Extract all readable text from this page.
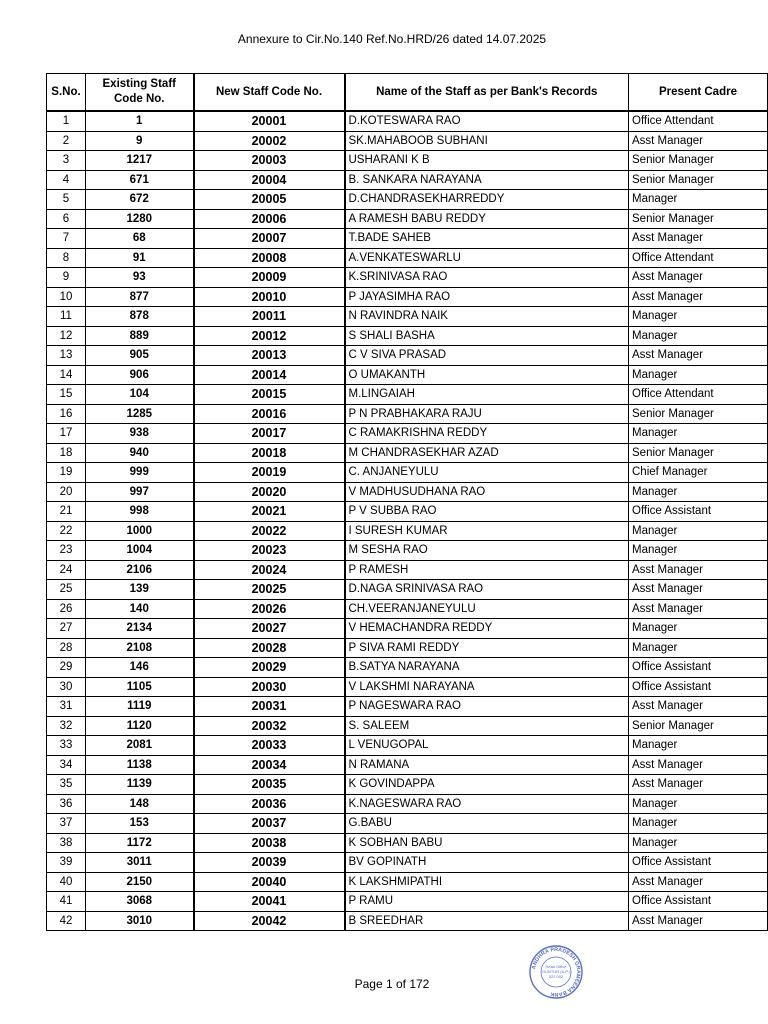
Annexure to Cir.No.140 Ref.No.HRD/26 dated 14.07.2025
S.No.	Existing Staff Code No.	New Staff Code No.	Name of the Staff as per Bank's Records	Present Cadre
1	1	20001	D.KOTESWARA RAO	Office Attendant
2	9	20002	SK.MAHABOOB SUBHANI	Asst Manager
3	1217	20003	USHARANI K B	Senior Manager
4	671	20004	B. SANKARA NARAYANA	Senior Manager
5	672	20005	D.CHANDRASEKHARREDDY	Manager
6	1280	20006	A RAMESH BABU REDDY	Senior Manager
7	68	20007	T.BADE SAHEB	Asst Manager
8	91	20008	A.VENKATESWARLU	Office Attendant
9	93	20009	K.SRINIVASA RAO	Asst Manager
10	877	20010	P JAYASIMHA RAO	Asst Manager
11	878	20011	N RAVINDRA NAIK	Manager
12	889	20012	S SHALI BASHA	Manager
13	905	20013	C V SIVA PRASAD	Asst Manager
14	906	20014	O UMAKANTH	Manager
15	104	20015	M.LINGAIAH	Office Attendant
16	1285	20016	P N PRABHAKARA RAJU	Senior Manager
17	938	20017	C RAMAKRISHNA REDDY	Manager
18	940	20018	M CHANDRASEKHAR AZAD	Senior Manager
19	999	20019	C. ANJANEYULU	Chief Manager
20	997	20020	V MADHUSUDHANA RAO	Manager
21	998	20021	P V SUBBA RAO	Office Assistant
22	1000	20022	I SURESH KUMAR	Manager
23	1004	20023	M SESHA RAO	Manager
24	2106	20024	P RAMESH	Asst Manager
25	139	20025	D.NAGA SRINIVASA RAO	Asst Manager
26	140	20026	CH.VEERANJANEYULU	Asst Manager
27	2134	20027	V HEMACHANDRA REDDY	Manager
28	2108	20028	P SIVA RAMI REDDY	Manager
29	146	20029	B.SATYA NARAYANA	Office Assistant
30	1105	20030	V LAKSHMI NARAYANA	Office Assistant
31	1119	20031	P NAGESWARA RAO	Asst Manager
32	1120	20032	S. SALEEM	Senior Manager
33	2081	20033	L VENUGOPAL	Manager
34	1138	20034	N RAMANA	Asst Manager
35	1139	20035	K GOVINDAPPA	Asst Manager
36	148	20036	K.NAGESWARA RAO	Manager
37	153	20037	G.BABU	Manager
38	1172	20038	K SOBHAN BABU	Manager
39	3011	20039	BV GOPINATH	Office Assistant
40	2150	20040	K LAKSHMIPATHI	Asst Manager
41	3068	20041	P RAMU	Office Assistant
42	3010	20042	B SREEDHAR	Asst Manager
Page 1 of 172
ANDHRA PRADESH GRAMEENA BANK
Head Office
GUNTUR (A.P.)
522 002
